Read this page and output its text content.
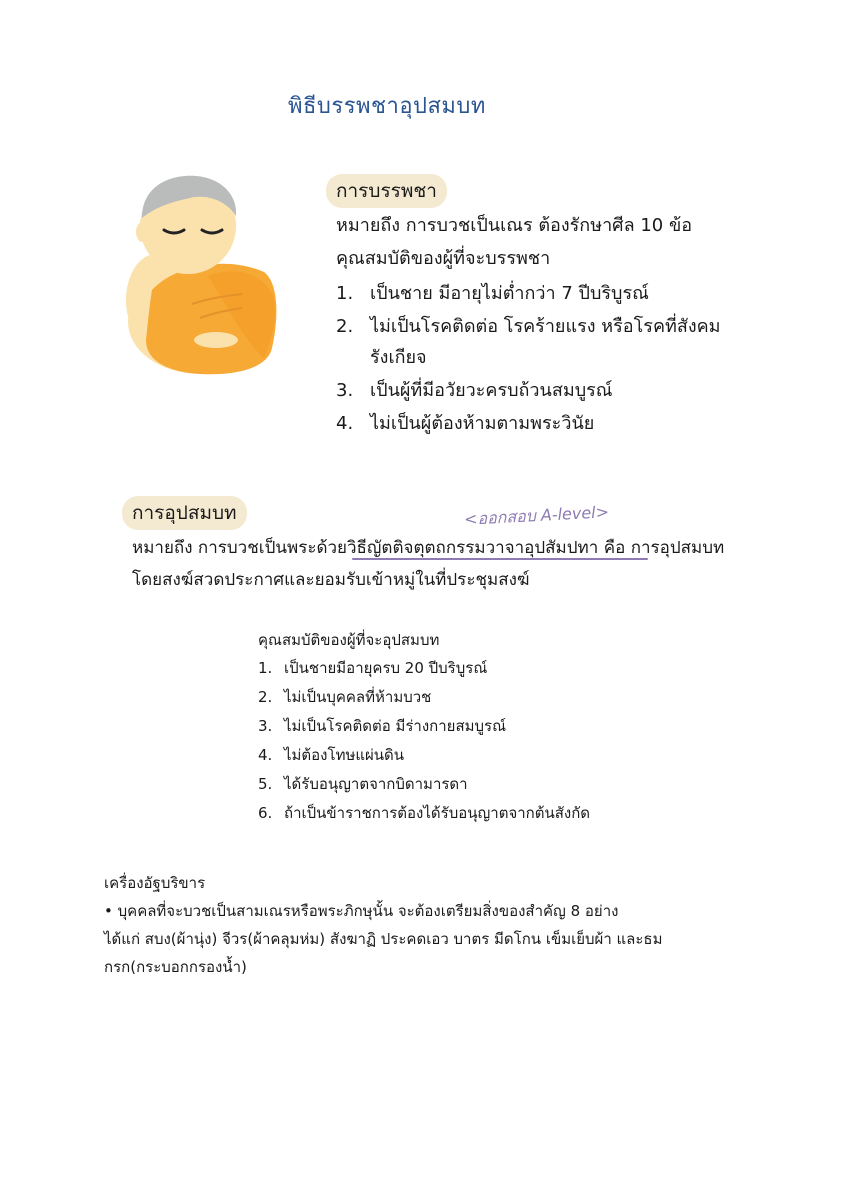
พิธีบรรพชาอุปสมบท
การบรรพชา
หมายถึง การบวชเป็นเณร ต้องรักษาศีล 10 ข้อ
คุณสมบัติของผู้ที่จะบรรพชา
1. เป็นชาย มีอายุไม่ต่ำกว่า 7 ปีบริบูรณ์
2. ไม่เป็นโรคติดต่อ โรคร้ายแรง หรือโรคที่สังคม รังเกียจ
3. เป็นผู้ที่มีอวัยวะครบถ้วนสมบูรณ์
4. ไม่เป็นผู้ต้องห้ามตามพระวินัย
การอุปสมบท	<ออกสอบ A-level>
หมายถึง การบวชเป็นพระด้วยวิธีญัตติจตุตถกรรมวาจาอุปสัมปทา คือ การอุปสมบท
โดยสงฆ์สวดประกาศและยอมรับเข้าหมู่ในที่ประชุมสงฆ์
คุณสมบัติของผู้ที่จะอุปสมบท
1. เป็นชายมีอายุครบ 20 ปีบริบูรณ์
2. ไม่เป็นบุคคลที่ห้ามบวช
3. ไม่เป็นโรคติดต่อ มีร่างกายสมบูรณ์
4. ไม่ต้องโทษแผ่นดิน
5. ได้รับอนุญาตจากบิดามารดา
6. ถ้าเป็นข้าราชการต้องได้รับอนุญาตจากต้นสังกัด
เครื่องอัฐบริขาร
• บุคคลที่จะบวชเป็นสามเณรหรือพระภิกษุนั้น จะต้องเตรียมสิ่งของสำคัญ 8 อย่าง
ได้แก่ สบง(ผ้านุ่ง) จีวร(ผ้าคลุมห่ม) สังฆาฏิ ประคดเอว บาตร มีดโกน เข็มเย็บผ้า และธม
กรก(กระบอกกรองน้ำ)
